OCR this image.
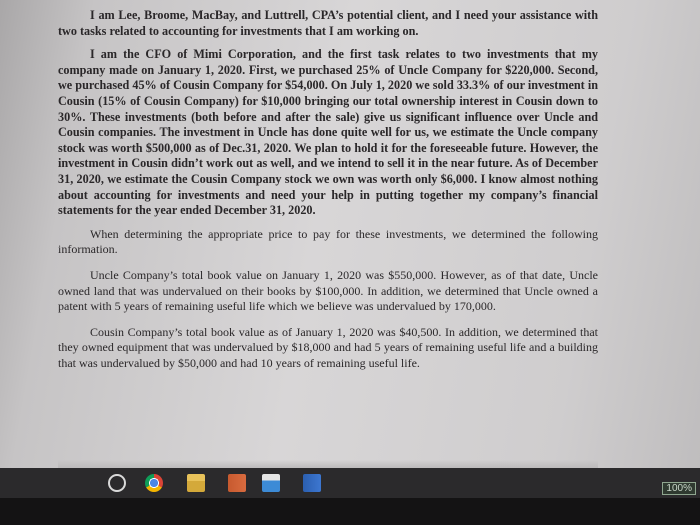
I am Lee, Broome, MacBay, and Luttrell, CPA’s potential client, and I need your assistance with two tasks related to accounting for investments that I am working on.

I am the CFO of Mimi Corporation, and the first task relates to two investments that my company made on January 1, 2020. First, we purchased 25% of Uncle Company for $220,000. Second, we purchased 45% of Cousin Company for $54,000. On July 1, 2020 we sold 33.3% of our investment in Cousin (15% of Cousin Company) for $10,000 bringing our total ownership interest in Cousin down to 30%. These investments (both before and after the sale) give us significant influence over Uncle and Cousin companies. The investment in Uncle has done quite well for us, we estimate the Uncle company stock was worth $500,000 as of Dec.31, 2020. We plan to hold it for the foreseeable future. However, the investment in Cousin didn’t work out as well, and we intend to sell it in the near future. As of December 31, 2020, we estimate the Cousin Company stock we own was worth only $6,000. I know almost nothing about accounting for investments and need your help in putting together my company’s financial statements for the year ended December 31, 2020.

When determining the appropriate price to pay for these investments, we determined the following information.

Uncle Company’s total book value on January 1, 2020 was $550,000. However, as of that date, Uncle owned land that was undervalued on their books by $100,000. In addition, we determined that Uncle owned a patent with 5 years of remaining useful life which we believe was undervalued by 170,000.

Cousin Company’s total book value as of January 1, 2020 was $40,500. In addition, we determined that they owned equipment that was undervalued by $18,000 and had 5 years of remaining useful life and a building that was undervalued by $50,000 and had 10 years of remaining useful life.

100%
